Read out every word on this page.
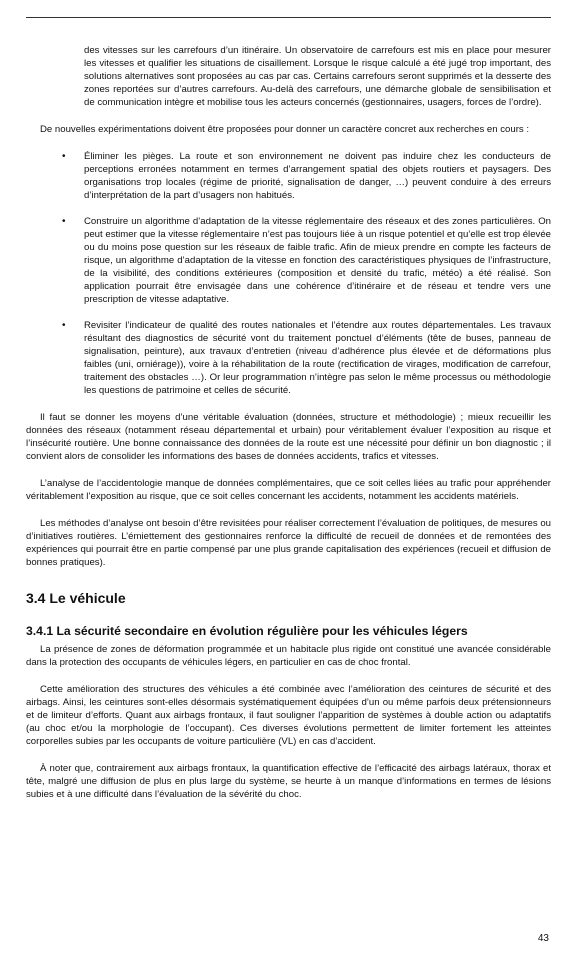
des vitesses sur les carrefours d’un itinéraire. Un observatoire de carrefours est mis en place pour mesurer les vitesses et qualifier les situations de cisaillement. Lorsque le risque calculé a été jugé trop important, des solutions alternatives sont proposées au cas par cas. Certains carrefours seront supprimés et la desserte des zones reportées sur d’autres carrefours. Au-delà des carrefours, une démarche globale de sensibilisation et de communication intègre et mobilise tous les acteurs concernés (gestionnaires, usagers, forces de l’ordre).

De nouvelles expérimentations doivent être proposées pour donner un caractère concret aux recherches en cours :

• Éliminer les pièges. La route et son environnement ne doivent pas induire chez les conducteurs de perceptions erronées notamment en termes d’arrangement spatial des objets routiers et paysagers. Des organisations trop locales (régime de priorité, signalisation de danger, …) peuvent conduire à des erreurs d’interprétation de la part d’usagers non habitués.

• Construire un algorithme d’adaptation de la vitesse réglementaire des réseaux et des zones particulières. On peut estimer que la vitesse réglementaire n’est pas toujours liée à un risque potentiel et qu’elle est trop élevée ou du moins pose question sur les réseaux de faible trafic. Afin de mieux prendre en compte les facteurs de risque, un algorithme d’adaptation de la vitesse en fonction des caractéristiques physiques de l’infrastructure, de la visibilité, des conditions extérieures (composition et densité du trafic, météo) a été réalisé. Son application pourrait être envisagée dans une cohérence d’itinéraire et de réseau et tendre vers une prescription de vitesse adaptative.

• Revisiter l’indicateur de qualité des routes nationales et l’étendre aux routes départementales. Les travaux résultant des diagnostics de sécurité vont du traitement ponctuel d’éléments (tête de buses, panneau de signalisation, peinture), aux travaux d’entretien (niveau d’adhérence plus élevée et de déformations plus faibles (uni, orniérage)), voire à la réhabilitation de la route (rectification de virages, modification de carrefour, traitement des obstacles …). Or leur programmation n’intègre pas selon le même processus ou méthodologie les questions de patrimoine et celles de sécurité.

Il faut se donner les moyens d’une véritable évaluation (données, structure et méthodologie) ; mieux recueillir les données des réseaux (notamment réseau départemental et urbain) pour véritablement évaluer l’exposition au risque et l’insécurité routière. Une bonne connaissance des données de la route est une nécessité pour définir un bon diagnostic ; il convient alors de consolider les informations des bases de données accidents, trafics et vitesses.

L’analyse de l’accidentologie manque de données complémentaires, que ce soit celles liées au trafic pour appréhender véritablement l’exposition au risque, que ce soit celles concernant les accidents, notamment les accidents matériels.

Les méthodes d’analyse ont besoin d’être revisitées pour réaliser correctement l’évaluation de politiques, de mesures ou d’initiatives routières. L’émiettement des gestionnaires renforce la difficulté de recueil de données et de remontées des expériences qui pourrait être en partie compensé par une plus grande capitalisation des expériences (recueil et diffusion de bonnes pratiques).

3.4 Le véhicule
3.4.1 La sécurité secondaire en évolution régulière pour les véhicules légers

La présence de zones de déformation programmée et un habitacle plus rigide ont constitué une avancée considérable dans la protection des occupants de véhicules légers, en particulier en cas de choc frontal.

Cette amélioration des structures des véhicules a été combinée avec l’amélioration des ceintures de sécurité et des airbags. Ainsi, les ceintures sont-elles désormais systématiquement équipées d’un ou même parfois deux prétensionneurs et de limiteur d’efforts. Quant aux airbags frontaux, il faut souligner l’apparition de systèmes à double action ou adaptatifs (au choc et/ou la morphologie de l’occupant). Ces diverses évolutions permettent de limiter fortement les atteintes corporelles subies par les occupants de voiture particulière (VL) en cas d’accident.

À noter que, contrairement aux airbags frontaux, la quantification effective de l’efficacité des airbags latéraux, thorax et tête, malgré une diffusion de plus en plus large du système, se heurte à un manque d’informations en termes de lésions subies et à une difficulté dans l’évaluation de la sévérité du choc.

43
